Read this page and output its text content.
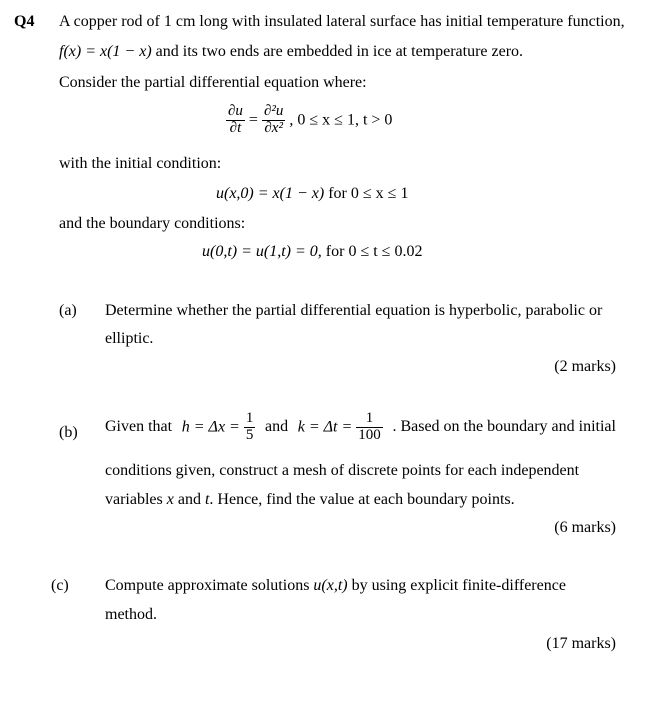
Q4 A copper rod of 1 cm long with insulated lateral surface has initial temperature function,
f(x) = x(1 − x) and its two ends are embedded in ice at temperature zero.
Consider the partial differential equation where:
$\frac{\partial u}{\partial t} = \frac{\text{∂²u}}{\text{∂x²}}$ , 0 ≤ x ≤ 1, t > 0
with the initial condition:
u(x,0) = x(1 − x) for 0 ≤ x ≤ 1
and the boundary conditions:
u(0,t) = u(1,t) = 0, for 0 ≤ t ≤ 0.02
(a) Determine whether the partial differential equation is hyperbolic, parabolic or
elliptic.
(2 marks)
(b) Given that $h = \Delta x = \frac{1}{5}$ and $k = \Delta t = \frac{1}{100}$ . Based on the boundary and initial
conditions given, construct a mesh of discrete points for each independent
variables x and t. Hence, find the value at each boundary points.
(6 marks)
(c) Compute approximate solutions u(x,t) by using explicit finite-difference
method.
(17 marks)
